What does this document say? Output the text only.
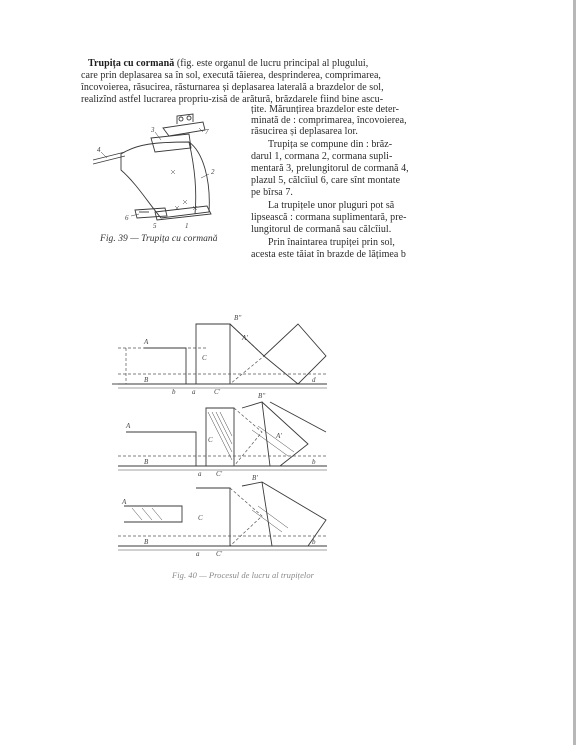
Trupița cu cormană (fig. este organul de lucru principal al plugului,
care prin deplasarea sa în sol, execută tăierea, desprinderea, comprimarea,
încovoierea, răsucirea, răsturnarea și deplasarea laterală a brazdelor de sol,
realizînd astfel lucrarea propriu-zisă de arătură, brăzdarele fiind bine ascu-
țite. Mărunțirea brazdelor este deter-
minată de : comprimarea, încovoierea,
răsucirea și deplasarea lor.
Trupița se compune din : brăz-
darul 1, cormana 2, cormana supli-
mentară 3, prelungitorul de cormană 4,
plazul 5, călcîiul 6, care sînt montate
pe bîrsa 7.
La trupițele unor pluguri pot să
lipsească : cormana suplimentară, pre-
lungitorul de cormană sau călcîiul.
Prin înaintarea trupiței prin sol,
acesta este tăiat în brazde de lățimea b
4
3	7
2
6
5	1
Fig. 39 — Trupița cu cormană
A
B
b a
C
C'
B''
A'
d
A
B
a
C
C'
B''
A'
b
A
B
a
C
C'
B'
b
Fig. 40 — Procesul de lucru al trupițelor
